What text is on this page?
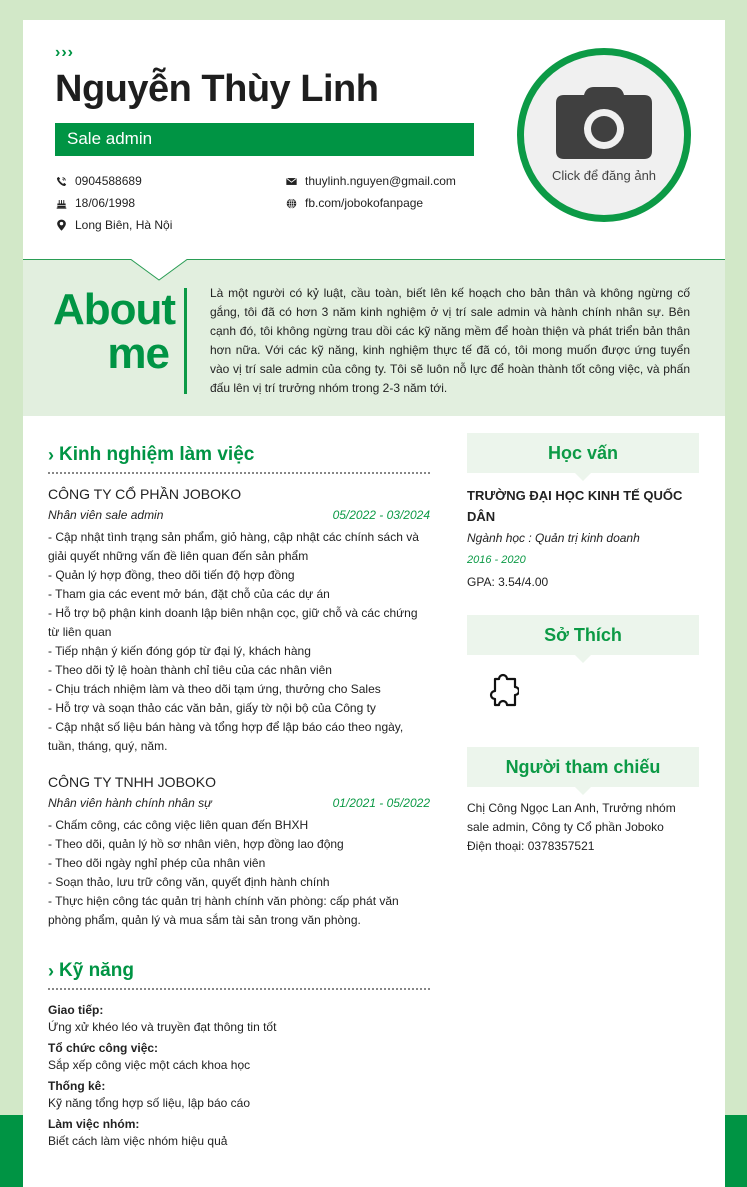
›››
Nguyễn Thùy Linh
Sale admin
0904588689
18/06/1998
Long Biên, Hà Nội
thuylinh.nguyen@gmail.com
fb.com/jobokofanpage
Click để đăng ảnh
About
me
Là một người có kỷ luật, cầu toàn, biết lên kế hoạch cho bản thân và không ngừng cố gắng, tôi đã có hơn 3 năm kinh nghiệm ở vị trí sale admin và hành chính nhân sự. Bên cạnh đó, tôi không ngừng trau dồi các kỹ năng mềm để hoàn thiện và phát triển bản thân hơn nữa. Với các kỹ năng, kinh nghiệm thực tế đã có, tôi mong muốn được ứng tuyển vào vị trí sale admin của công ty. Tôi sẽ luôn nỗ lực để hoàn thành tốt công việc, và phấn đấu lên vị trí trưởng nhóm trong 2-3 năm tới.
› Kinh nghiệm làm việc
CÔNG TY CỔ PHẦN JOBOKO
Nhân viên sale admin	05/2022 - 03/2024
- Cập nhật tình trạng sản phẩm, giỏ hàng, cập nhật các chính sách và giải quyết những vấn đề liên quan đến sản phẩm
- Quản lý hợp đồng, theo dõi tiến độ hợp đồng
- Tham gia các event mở bán, đặt chỗ của các dự án
- Hỗ trợ bộ phận kinh doanh lập biên nhận cọc, giữ chỗ và các chứng từ liên quan
- Tiếp nhận ý kiến đóng góp từ đại lý, khách hàng
- Theo dõi tỷ lệ hoàn thành chỉ tiêu của các nhân viên
- Chịu trách nhiệm làm và theo dõi tạm ứng, thưởng cho Sales
- Hỗ trợ và soạn thảo các văn bản, giấy tờ nội bộ của Công ty
- Cập nhật số liệu bán hàng và tổng hợp để lập báo cáo theo ngày, tuần, tháng, quý, năm.
CÔNG TY TNHH JOBOKO
Nhân viên hành chính nhân sự	01/2021 - 05/2022
- Chấm công, các công việc liên quan đến BHXH
- Theo dõi, quản lý hồ sơ nhân viên, hợp đồng lao động
- Theo dõi ngày nghỉ phép của nhân viên
- Soạn thảo, lưu trữ công văn, quyết định hành chính
- Thực hiện công tác quản trị hành chính văn phòng: cấp phát văn phòng phẩm, quản lý và mua sắm tài sản trong văn phòng.
› Kỹ năng
Giao tiếp:
Ứng xử khéo léo và truyền đạt thông tin tốt
Tổ chức công việc:
Sắp xếp công việc một cách khoa học
Thống kê:
Kỹ năng tổng hợp số liệu, lập báo cáo
Làm việc nhóm:
Biết cách làm việc nhóm hiệu quả
Học vấn
TRƯỜNG ĐẠI HỌC KINH TẾ QUỐC DÂN
Ngành học : Quản trị kinh doanh
2016 - 2020
GPA: 3.54/4.00
Sở Thích
Người tham chiếu
Chị Công Ngọc Lan Anh, Trưởng nhóm sale admin, Công ty Cổ phần Joboko
Điện thoại: 0378357521
